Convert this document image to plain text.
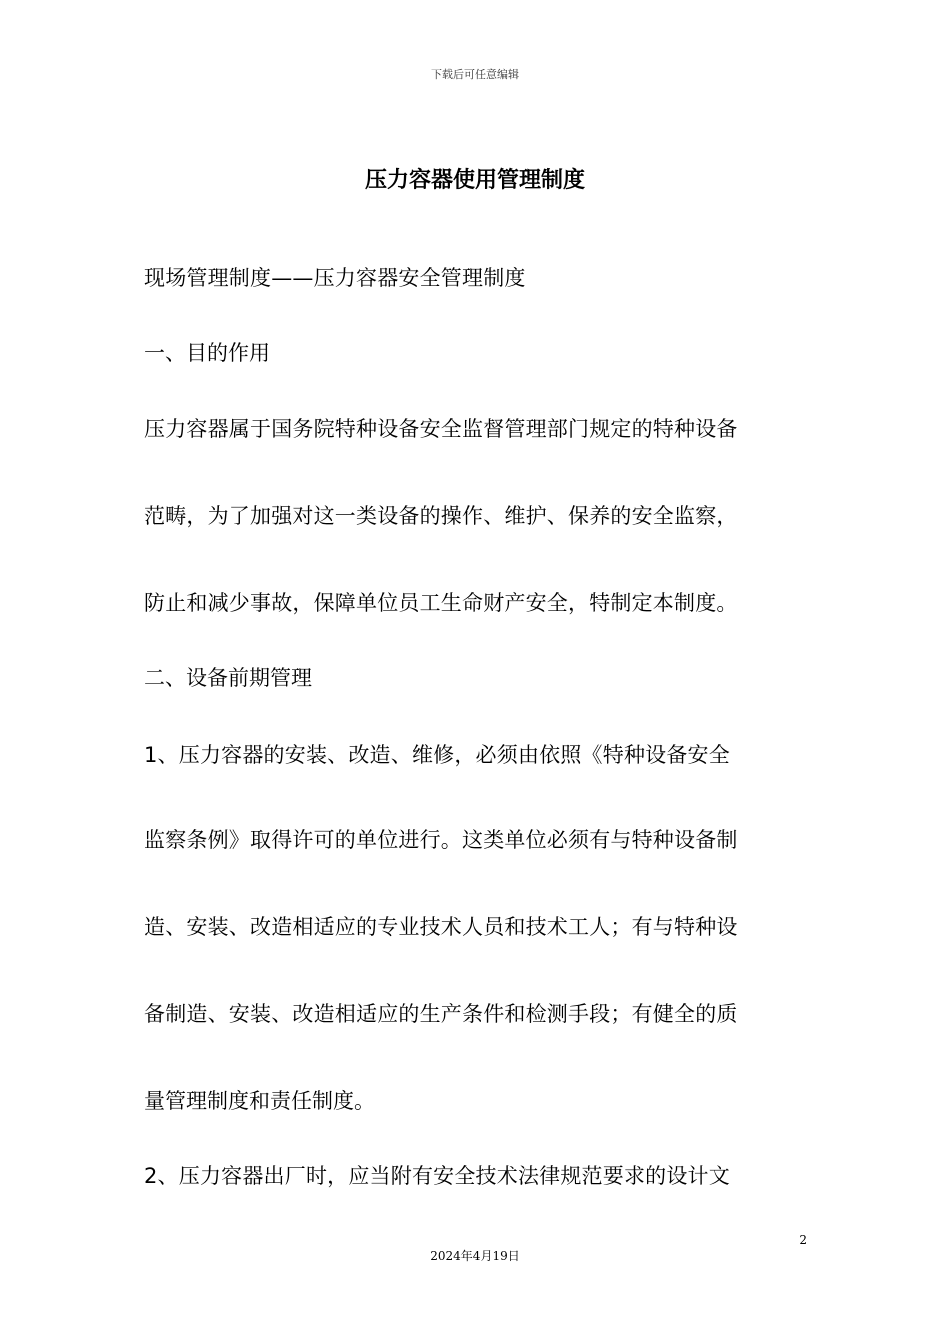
下载后可任意编辑
压力容器使用管理制度
现场管理制度——压力容器安全管理制度
一、目的作用
压力容器属于国务院特种设备安全监督管理部门规定的特种设备
范畴，为了加强对这一类设备的操作、维护、保养的安全监察，
防止和减少事故，保障单位员工生命财产安全，特制定本制度。
二、设备前期管理
1、压力容器的安装、改造、维修，必须由依照《特种设备安全
监察条例》取得许可的单位进行。这类单位必须有与特种设备制
造、安装、改造相适应的专业技术人员和技术工人；有与特种设
备制造、安装、改造相适应的生产条件和检测手段；有健全的质
量管理制度和责任制度。
2、压力容器出厂时，应当附有安全技术法律规范要求的设计文
2
2024年4月19日
